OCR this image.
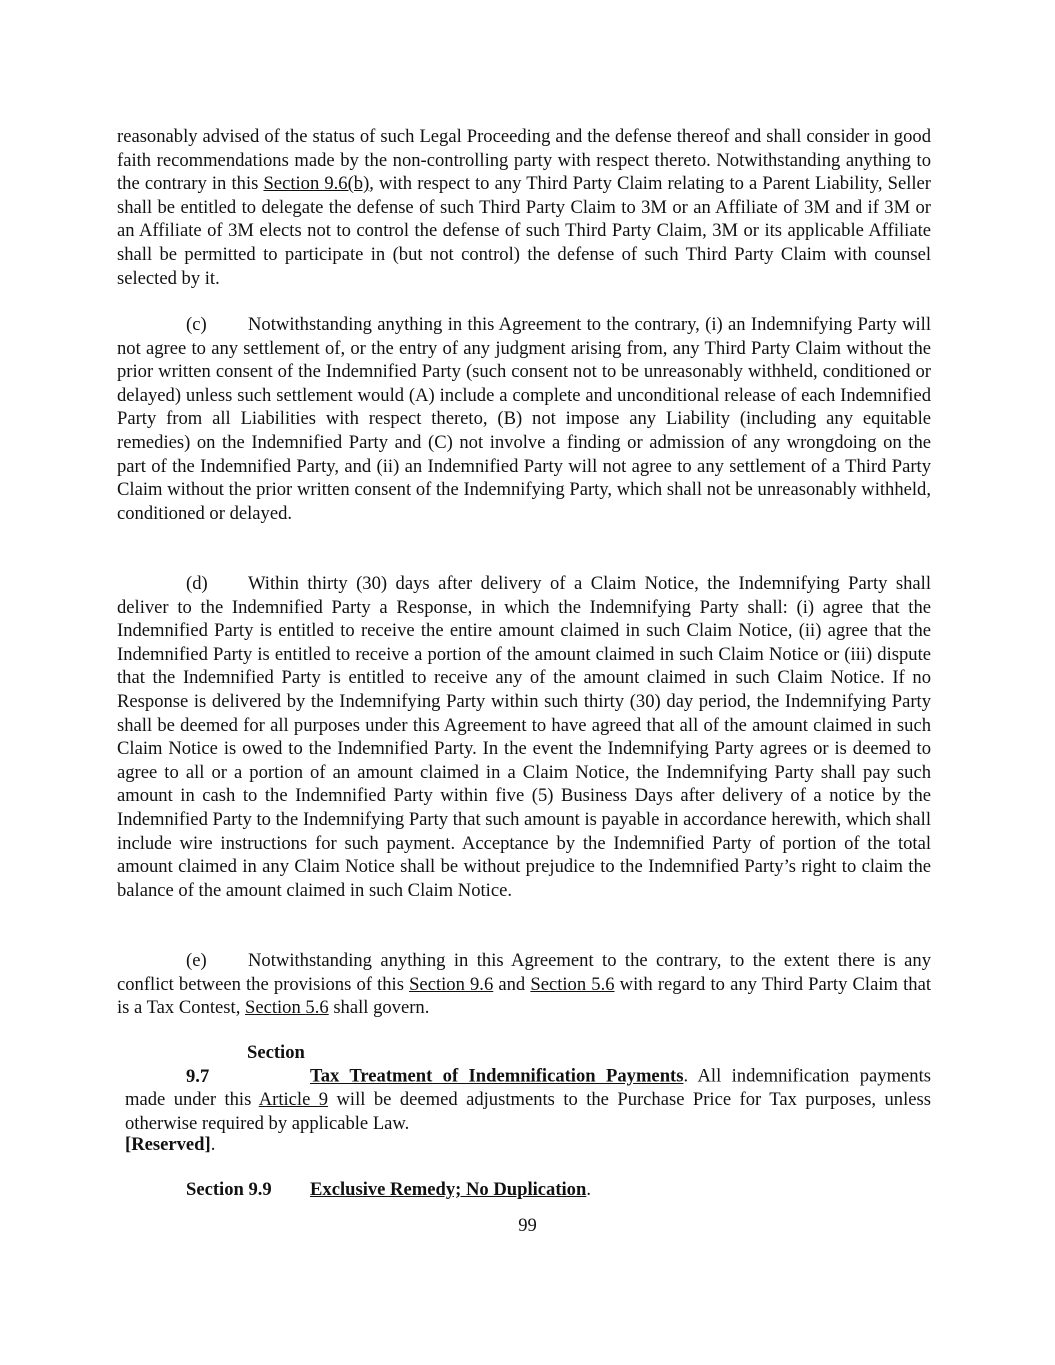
reasonably advised of the status of such Legal Proceeding and the defense thereof and shall consider in good faith recommendations made by the non-controlling party with respect thereto. Notwithstanding anything to the contrary in this Section 9.6(b), with respect to any Third Party Claim relating to a Parent Liability, Seller shall be entitled to delegate the defense of such Third Party Claim to 3M or an Affiliate of 3M and if 3M or an Affiliate of 3M elects not to control the defense of such Third Party Claim, 3M or its applicable Affiliate shall be permitted to participate in (but not control) the defense of such Third Party Claim with counsel selected by it.

(c) Notwithstanding anything in this Agreement to the contrary, (i) an Indemnifying Party will not agree to any settlement of, or the entry of any judgment arising from, any Third Party Claim without the prior written consent of the Indemnified Party (such consent not to be unreasonably withheld, conditioned or delayed) unless such settlement would (A) include a complete and unconditional release of each Indemnified Party from all Liabilities with respect thereto, (B) not impose any Liability (including any equitable remedies) on the Indemnified Party and (C) not involve a finding or admission of any wrongdoing on the part of the Indemnified Party, and (ii) an Indemnified Party will not agree to any settlement of a Third Party Claim without the prior written consent of the Indemnifying Party, which shall not be unreasonably withheld, conditioned or delayed.

(d) Within thirty (30) days after delivery of a Claim Notice, the Indemnifying Party shall deliver to the Indemnified Party a Response, in which the Indemnifying Party shall: (i) agree that the Indemnified Party is entitled to receive the entire amount claimed in such Claim Notice, (ii) agree that the Indemnified Party is entitled to receive a portion of the amount claimed in such Claim Notice or (iii) dispute that the Indemnified Party is entitled to receive any of the amount claimed in such Claim Notice. If no Response is delivered by the Indemnifying Party within such thirty (30) day period, the Indemnifying Party shall be deemed for all purposes under this Agreement to have agreed that all of the amount claimed in such Claim Notice is owed to the Indemnified Party. In the event the Indemnifying Party agrees or is deemed to agree to all or a portion of an amount claimed in a Claim Notice, the Indemnifying Party shall pay such amount in cash to the Indemnified Party within five (5) Business Days after delivery of a notice by the Indemnified Party to the Indemnifying Party that such amount is payable in accordance herewith, which shall include wire instructions for such payment. Acceptance by the Indemnified Party of portion of the total amount claimed in any Claim Notice shall be without prejudice to the Indemnified Party’s right to claim the balance of the amount claimed in such Claim Notice.

(e) Notwithstanding anything in this Agreement to the contrary, to the extent there is any conflict between the provisions of this Section 9.6 and Section 5.6 with regard to any Third Party Claim that is a Tax Contest, Section 5.6 shall govern.

Section 9.7	Tax Treatment of Indemnification Payments. All indemnification payments made under this Article 9 will be deemed adjustments to the Purchase Price for Tax purposes, unless otherwise required by applicable Law.

[Reserved].

Section 9.9 Exclusive Remedy; No Duplication.

99
